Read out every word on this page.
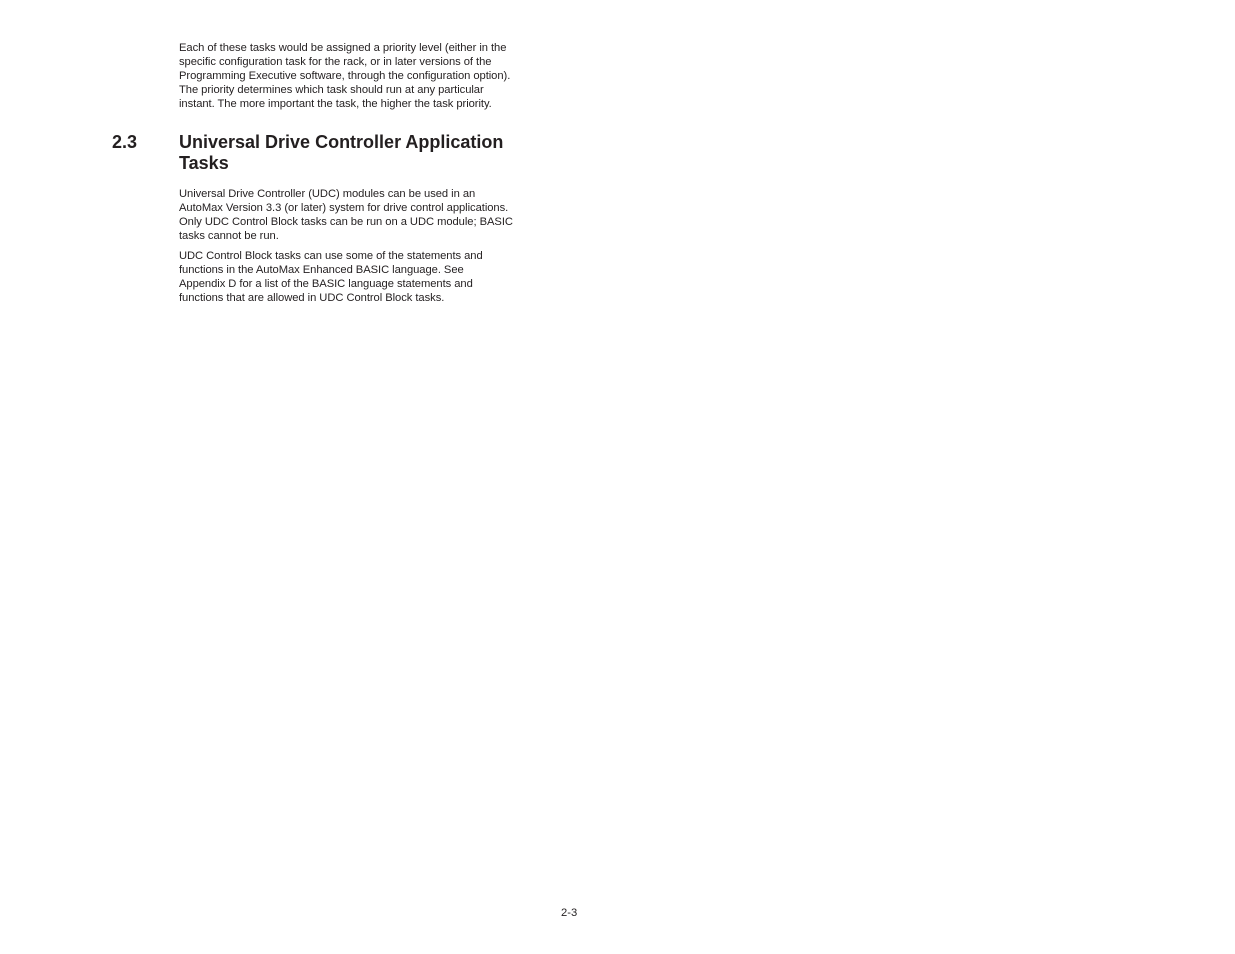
Each of these tasks would be assigned a priority level (either in the
specific configuration task for the rack, or in later versions of the
Programming Executive software, through the configuration option).
The priority determines which task should run at any particular
instant. The more important the task, the higher the task priority.

2.3 Universal Drive Controller Application
Tasks

Universal Drive Controller (UDC) modules can be used in an
AutoMax Version 3.3 (or later) system for drive control applications.
Only UDC Control Block tasks can be run on a UDC module; BASIC
tasks cannot be run.

UDC Control Block tasks can use some of the statements and
functions in the AutoMax Enhanced BASIC language. See
Appendix D for a list of the BASIC language statements and
functions that are allowed in UDC Control Block tasks.

2-3
